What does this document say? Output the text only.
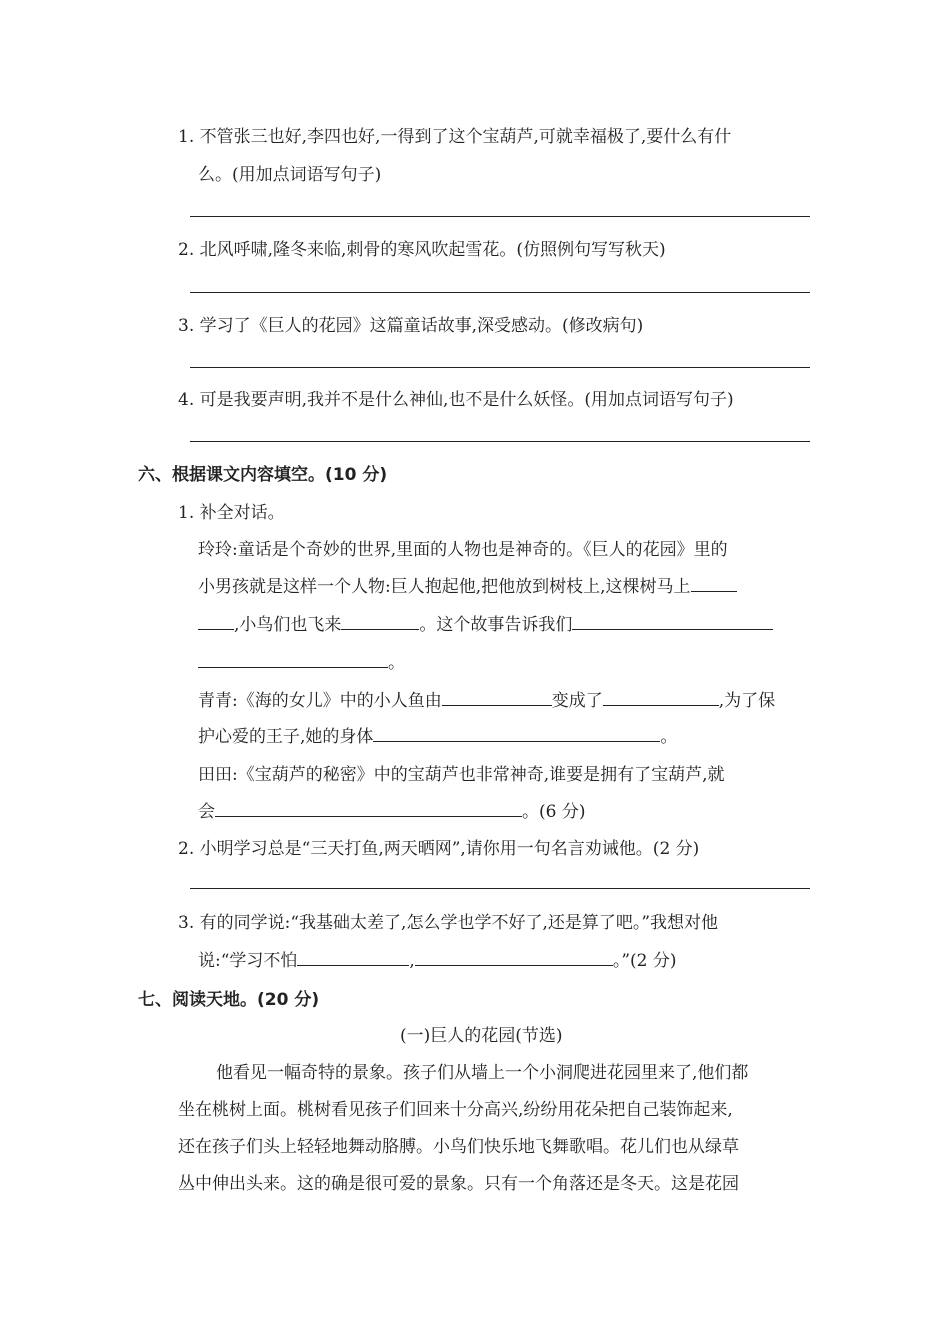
1. 不管张三也好,李四也好,一得到了这个宝葫芦,可就幸福极了,要什么有什
么。(用加点词语写句子)
2. 北风呼啸,隆冬来临,刺骨的寒风吹起雪花。(仿照例句写写秋天)
3. 学习了《巨人的花园》这篇童话故事,深受感动。(修改病句)
4. 可是我要声明,我并不是什么神仙,也不是什么妖怪。(用加点词语写句子)
六、根据课文内容填空。(10 分)
1. 补全对话。
玲玲:童话是个奇妙的世界,里面的人物也是神奇的。《巨人的花园》里的
小男孩就是这样一个人物:巨人抱起他,把他放到树枝上,这棵树马上
,小鸟们也飞来	。这个故事告诉我们
。
青青:《海的女儿》中的小人鱼由	变成了	,为了保
护心爱的王子,她的身体	。
田田:《宝葫芦的秘密》中的宝葫芦也非常神奇,谁要是拥有了宝葫芦,就
会	。(6 分)
2. 小明学习总是“三天打鱼,两天晒网”,请你用一句名言劝诫他。(2 分)
3. 有的同学说:“我基础太差了,怎么学也学不好了,还是算了吧。”我想对他
说:“学习不怕	,	。”(2 分)
七、阅读天地。(20 分)
(一)巨人的花园(节选)
他看见一幅奇特的景象。孩子们从墙上一个小洞爬进花园里来了,他们都
坐在桃树上面。桃树看见孩子们回来十分高兴,纷纷用花朵把自己装饰起来,
还在孩子们头上轻轻地舞动胳膊。小鸟们快乐地飞舞歌唱。花儿们也从绿草
丛中伸出头来。这的确是很可爱的景象。只有一个角落还是冬天。这是花园
